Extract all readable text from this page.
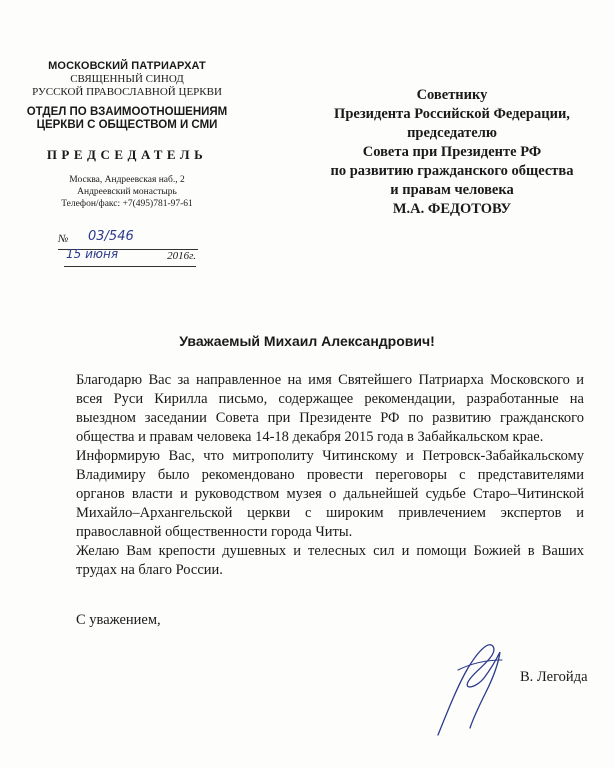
МОСКОВСКИЙ ПАТРИАРХАТ
СВЯЩЕННЫЙ СИНОД
РУССКОЙ ПРАВОСЛАВНОЙ ЦЕРКВИ
ОТДЕЛ ПО ВЗАИМООТНОШЕНИЯМ
ЦЕРКВИ С ОБЩЕСТВОМ И СМИ
ПРЕДСЕДАТЕЛЬ
Москва, Андреевская наб., 2
Андреевский монастырь
Телефон/факс: +7(495)781-97-61
№ 03/546
15 июня	2016г.
Советнику
Президента Российской Федерации,
председателю
Совета при Президенте РФ
по развитию гражданского общества
и правам человека
М.А. ФЕДОТОВУ
Уважаемый Михаил Александрович!

Благодарю Вас за направленное на имя Святейшего Патриарха Московского и всея Руси Кирилла письмо, содержащее рекомендации, разработанные на выездном заседании Совета при Президенте РФ по развитию гражданского общества и правам человека 14-18 декабря 2015 года в Забайкальском крае.

Информирую Вас, что митрополиту Читинскому и Петровск-Забайкальскому Владимиру было рекомендовано провести переговоры с представителями органов власти и руководством музея о дальнейшей судьбе Старо–Читинской Михайло–Архангельской церкви с широким привлечением экспертов и православной общественности города Читы.

Желаю Вам крепости душевных и телесных сил и помощи Божией в Ваших трудах на благо России.

С уважением,
В. Легойда
